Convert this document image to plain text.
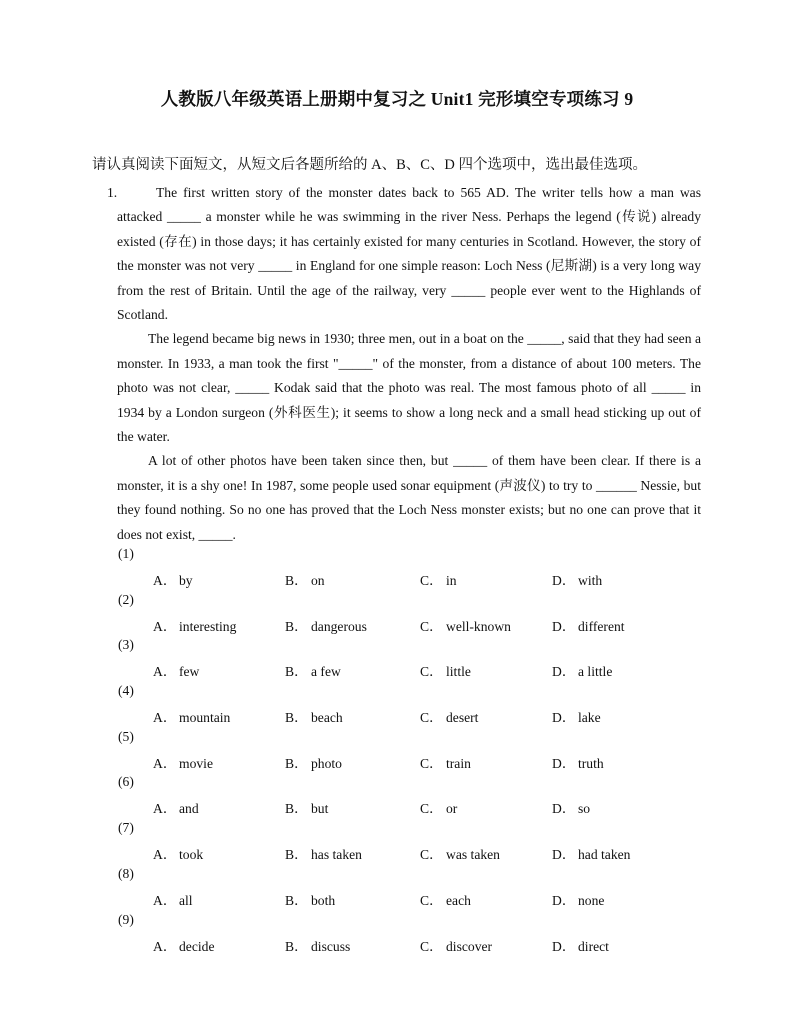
人教版八年级英语上册期中复习之 Unit1 完形填空专项练习 9
请认真阅读下面短文，从短文后各题所给的 A、B、C、D 四个选项中，选出最佳选项。
1.	The first written story of the monster dates back to 565 AD. The writer tells how a man was attacked _____ a monster while he was swimming in the river Ness. Perhaps the legend (传说) already existed (存在) in those days; it has certainly existed for many centuries in Scotland. However, the story of the monster was not very _____ in England for one simple reason: Loch Ness (尼斯湖) is a very long way from the rest of Britain. Until the age of the railway, very _____ people ever went to the Highlands of Scotland.

The legend became big news in 1930; three men, out in a boat on the _____, said that they had seen a monster. In 1933, a man took the first "_____" of the monster, from a distance of about 100 meters. The photo was not clear, _____ Kodak said that the photo was real. The most famous photo of all _____ in 1934 by a London surgeon (外科医生); it seems to show a long neck and a small head sticking up out of the water.

A lot of other photos have been taken since then, but _____ of them have been clear. If there is a monster, it is a shy one! In 1987, some people used sonar equipment (声波仪) to try to ______ Nessie, but they found nothing. So no one has proved that the Loch Ness monster exists; but no one can prove that it does not exist, _____.

(1)
A． by	B． on	C． in	D． with
(2)
A． interesting	B． dangerous	C． well-known	D． different
(3)
A． few	B． a few	C． little	D． a little
(4)
A． mountain	B． beach	C． desert	D． lake
(5)
A． movie	B． photo	C． train	D． truth
(6)
A． and	B． but	C． or	D． so
(7)
A． took	B． has taken	C． was taken	D． had taken
(8)
A． all	B． both	C． each	D． none
(9)
A． decide	B． discuss	C． discover	D． direct
